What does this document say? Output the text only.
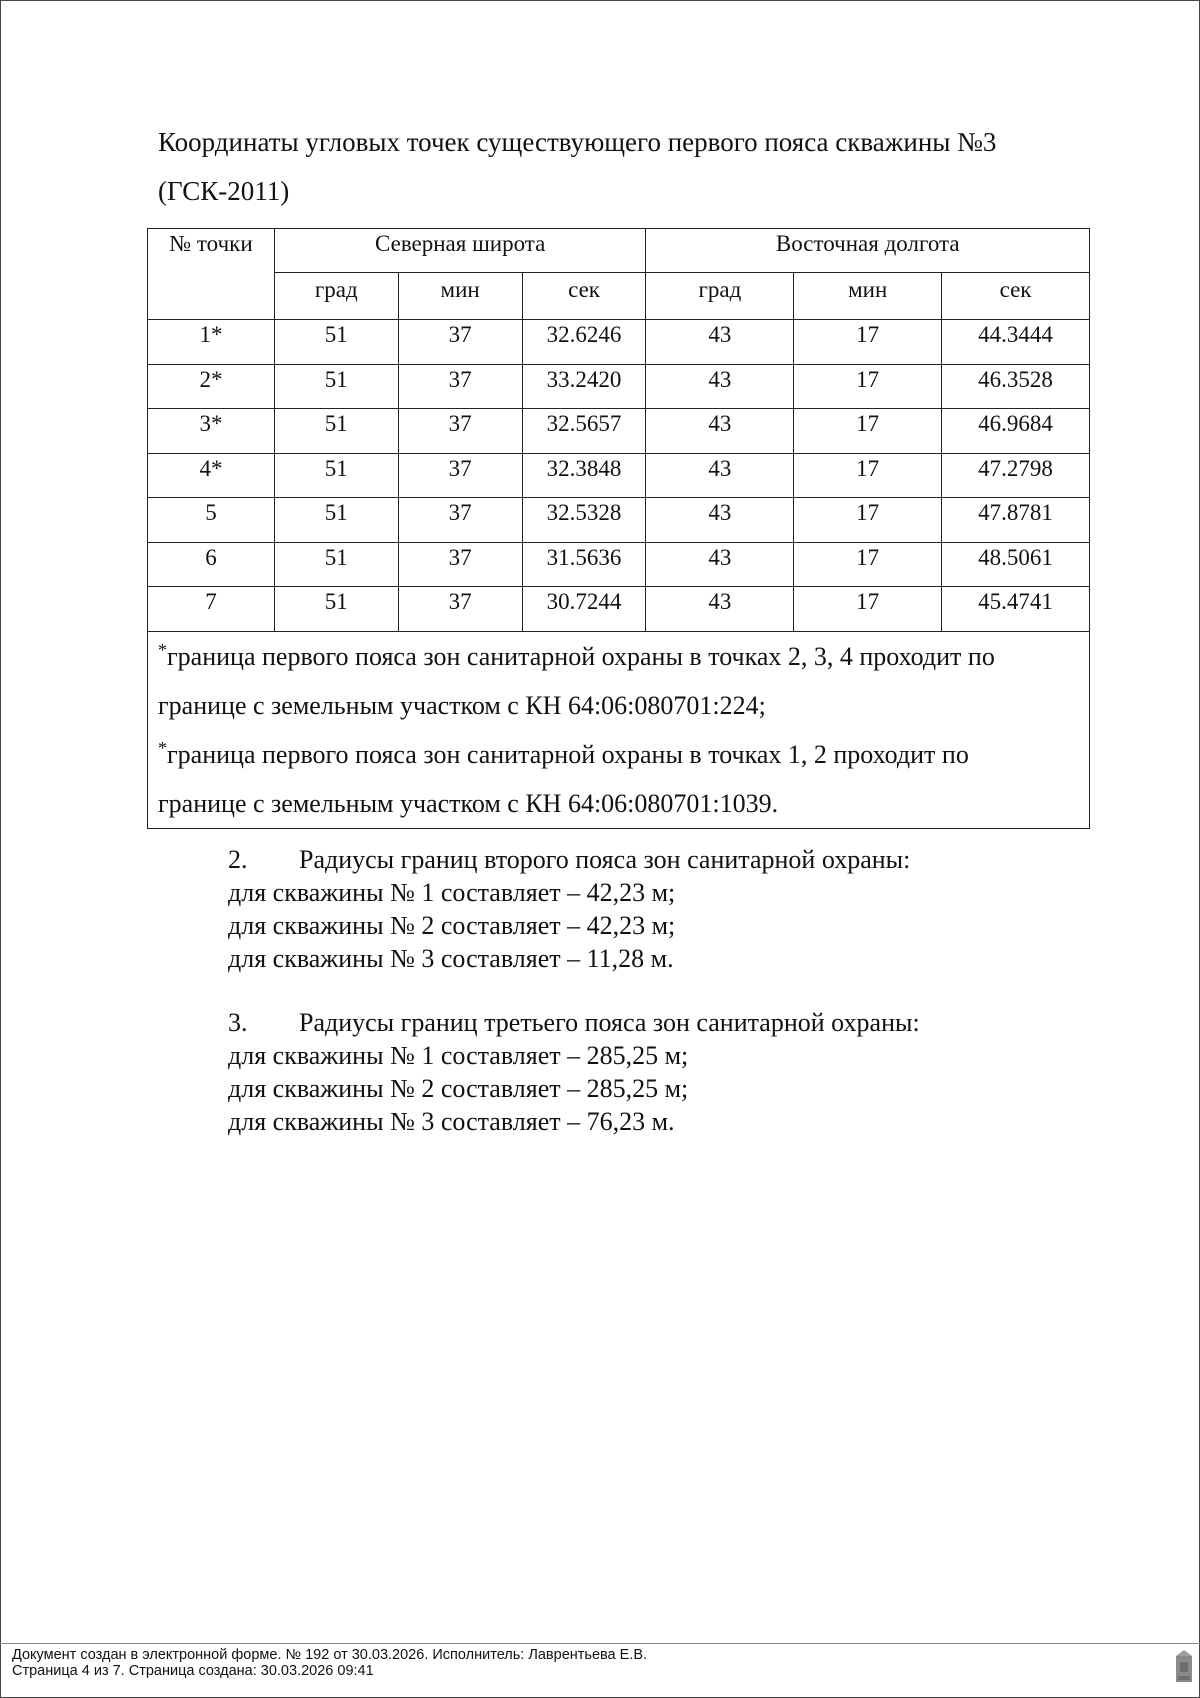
Координаты угловых точек существующего первого пояса скважины №3
(ГСК-2011)
№ точки	Северная широта			Восточная долгота		
	град	мин	сек	град	мин	сек
1*	51	37	32.6246	43	17	44.3444
2*	51	37	33.2420	43	17	46.3528
3*	51	37	32.5657	43	17	46.9684
4*	51	37	32.3848	43	17	47.2798
5	51	37	32.5328	43	17	47.8781
6	51	37	31.5636	43	17	48.5061
7	51	37	30.7244	43	17	45.4741

*граница первого пояса зон санитарной охраны в точках 2, 3, 4 проходит по
границе с земельным участком с КН 64:06:080701:224;
*граница первого пояса зон санитарной охраны в точках 1, 2 проходит по
границе с земельным участком с КН 64:06:080701:1039.						
2.	Радиусы границ второго пояса зон санитарной охраны:
для скважины № 1 составляет – 42,23 м;
для скважины № 2 составляет – 42,23 м;
для скважины № 3 составляет – 11,28 м.
3.	Радиусы границ третьего пояса зон санитарной охраны:
для скважины № 1 составляет – 285,25 м;
для скважины № 2 составляет – 285,25 м;
для скважины № 3 составляет – 76,23 м.
Документ создан в электронной форме. № 192 от 30.03.2026. Исполнитель: Лаврентьева Е.В.
Страница 4 из 7. Страница создана: 30.03.2026 09:41
